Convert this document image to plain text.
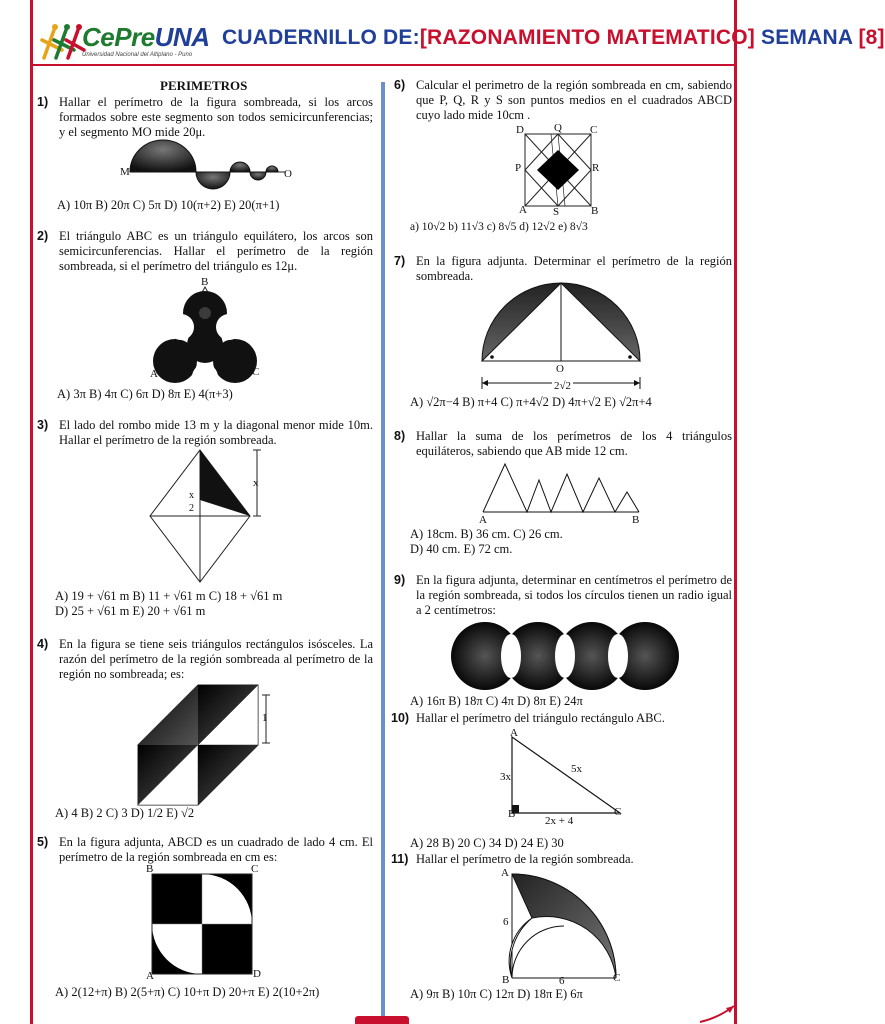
CePreUNA
Universidad Nacional del Altiplano - Puno
CUADERNILLO DE:[RAZONAMIENTO MATEMATICO] SEMANA [8]
PERIMETROS
1) Hallar el perímetro de la figura sombreada, si los arcos formados sobre este segmento son todos semicircunferencias; y el segmento MO mide 20μ.
M	O
A) 10π B) 20π C) 5π D) 10(π+2) E) 20(π+1)
2) El triángulo ABC es un triángulo equilátero, los arcos son semicircunferencias. Hallar el perímetro de la región sombreada, si el perímetro del triángulo es 12μ.
B
A	C
A) 3π B) 4π C) 6π D) 8π E) 4(π+3)
3) El lado del rombo mide 13 m y la diagonal menor mide 10m. Hallar el perímetro de la región sombreada.
x
x
2
A) 19 + √61 m B) 11 + √61 m C) 18 + √61 m
D) 25 + √61 m E) 20 + √61 m
4) En la figura se tiene seis triángulos rectángulos isósceles. La razón del perímetro de la región sombreada al perímetro de la región no sombreada; es:
1
A) 4 B) 2 C) 3 D) 1/2 E) √2
5) En la figura adjunta, ABCD es un cuadrado de lado 4 cm. El perímetro de la región sombreada en cm es:
B	C
A	D
A) 2(12+π) B) 2(5+π) C) 10+π D) 20+π E) 2(10+2π)
6) Calcular el perimetro de la región sombreada en cm, sabiendo que P, Q, R y S son puntos medios en el cuadrados ABCD cuyo lado mide 10cm .
D	Q	C
P	R
A S	B
a) 10√2 b) 11√3 c) 8√5 d) 12√2 e) 8√3
7) En la figura adjunta. Determinar el perímetro de la región sombreada.
O
2√2
A) √2π−4 B) π+4 C) π+4√2 D) 4π+√2 E) √2π+4
8) Hallar la suma de los perímetros de los 4 triángulos equiláteros, sabiendo que AB mide 12 cm.
A	B
A) 18cm. B) 36 cm. C) 26 cm.
D) 40 cm. E) 72 cm.
9) En la figura adjunta, determinar en centímetros el perímetro de la región sombreada, si todos los círculos tienen un radio igual a 2 centímetros:
A) 16π B) 18π C) 4π D) 8π E) 24π
10) Hallar el perímetro del triángulo rectángulo ABC.
A
3x
5x
B
2x + 4
C
A) 28 B) 20 C) 34 D) 24 E) 30
11) Hallar el perímetro de la región sombreada.
A
6
B	6	C
A) 9π B) 10π C) 12π D) 18π E) 6π
